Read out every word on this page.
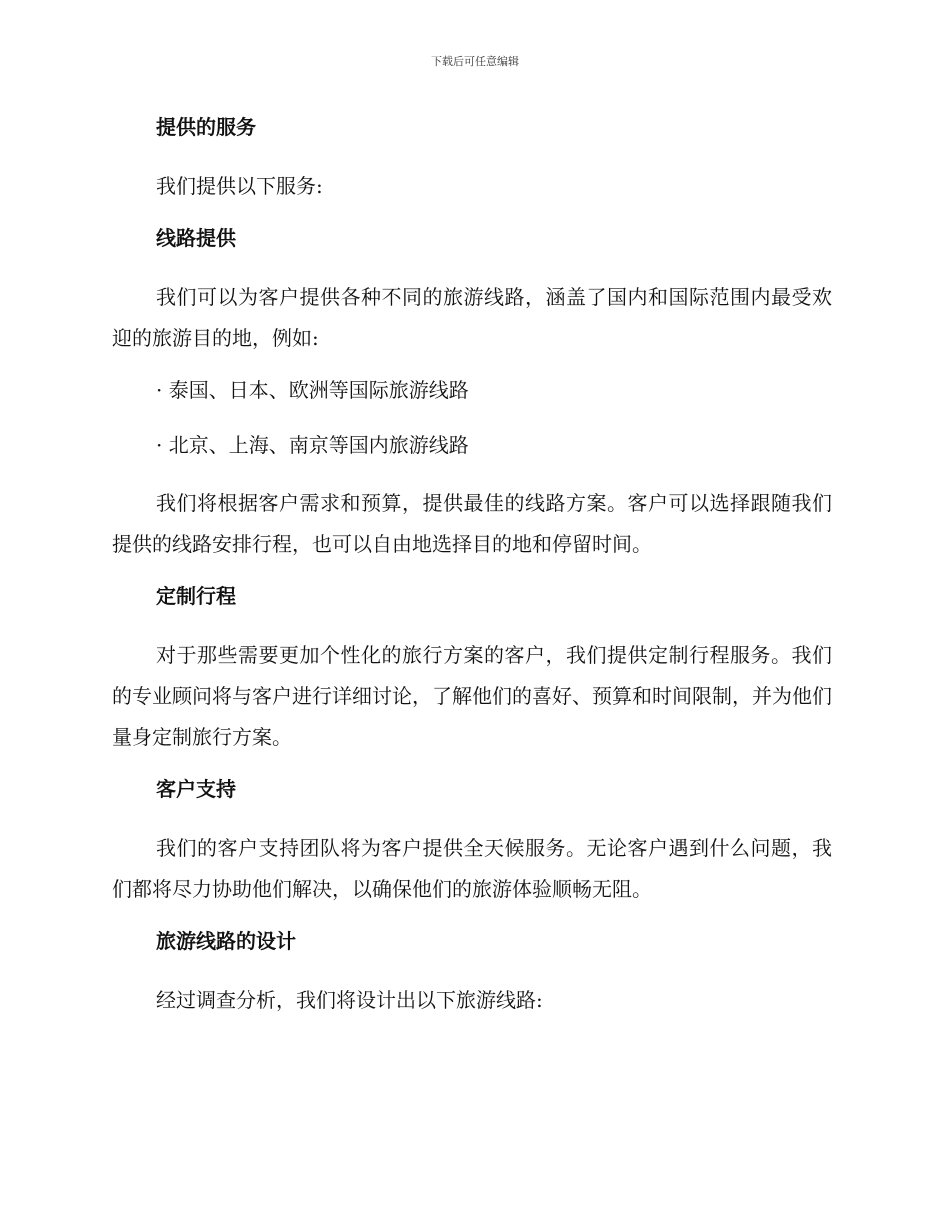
下载后可任意编辑
提供的服务
我们提供以下服务:
线路提供
我们可以为客户提供各种不同的旅游线路，涵盖了国内和国际范围内最受欢迎的旅游目的地，例如:
· 泰国、日本、欧洲等国际旅游线路
· 北京、上海、南京等国内旅游线路
我们将根据客户需求和预算，提供最佳的线路方案。客户可以选择跟随我们提供的线路安排行程，也可以自由地选择目的地和停留时间。
定制行程
对于那些需要更加个性化的旅行方案的客户，我们提供定制行程服务。我们的专业顾问将与客户进行详细讨论，了解他们的喜好、预算和时间限制，并为他们量身定制旅行方案。
客户支持
我们的客户支持团队将为客户提供全天候服务。无论客户遇到什么问题，我们都将尽力协助他们解决，以确保他们的旅游体验顺畅无阻。
旅游线路的设计
经过调查分析，我们将设计出以下旅游线路:
